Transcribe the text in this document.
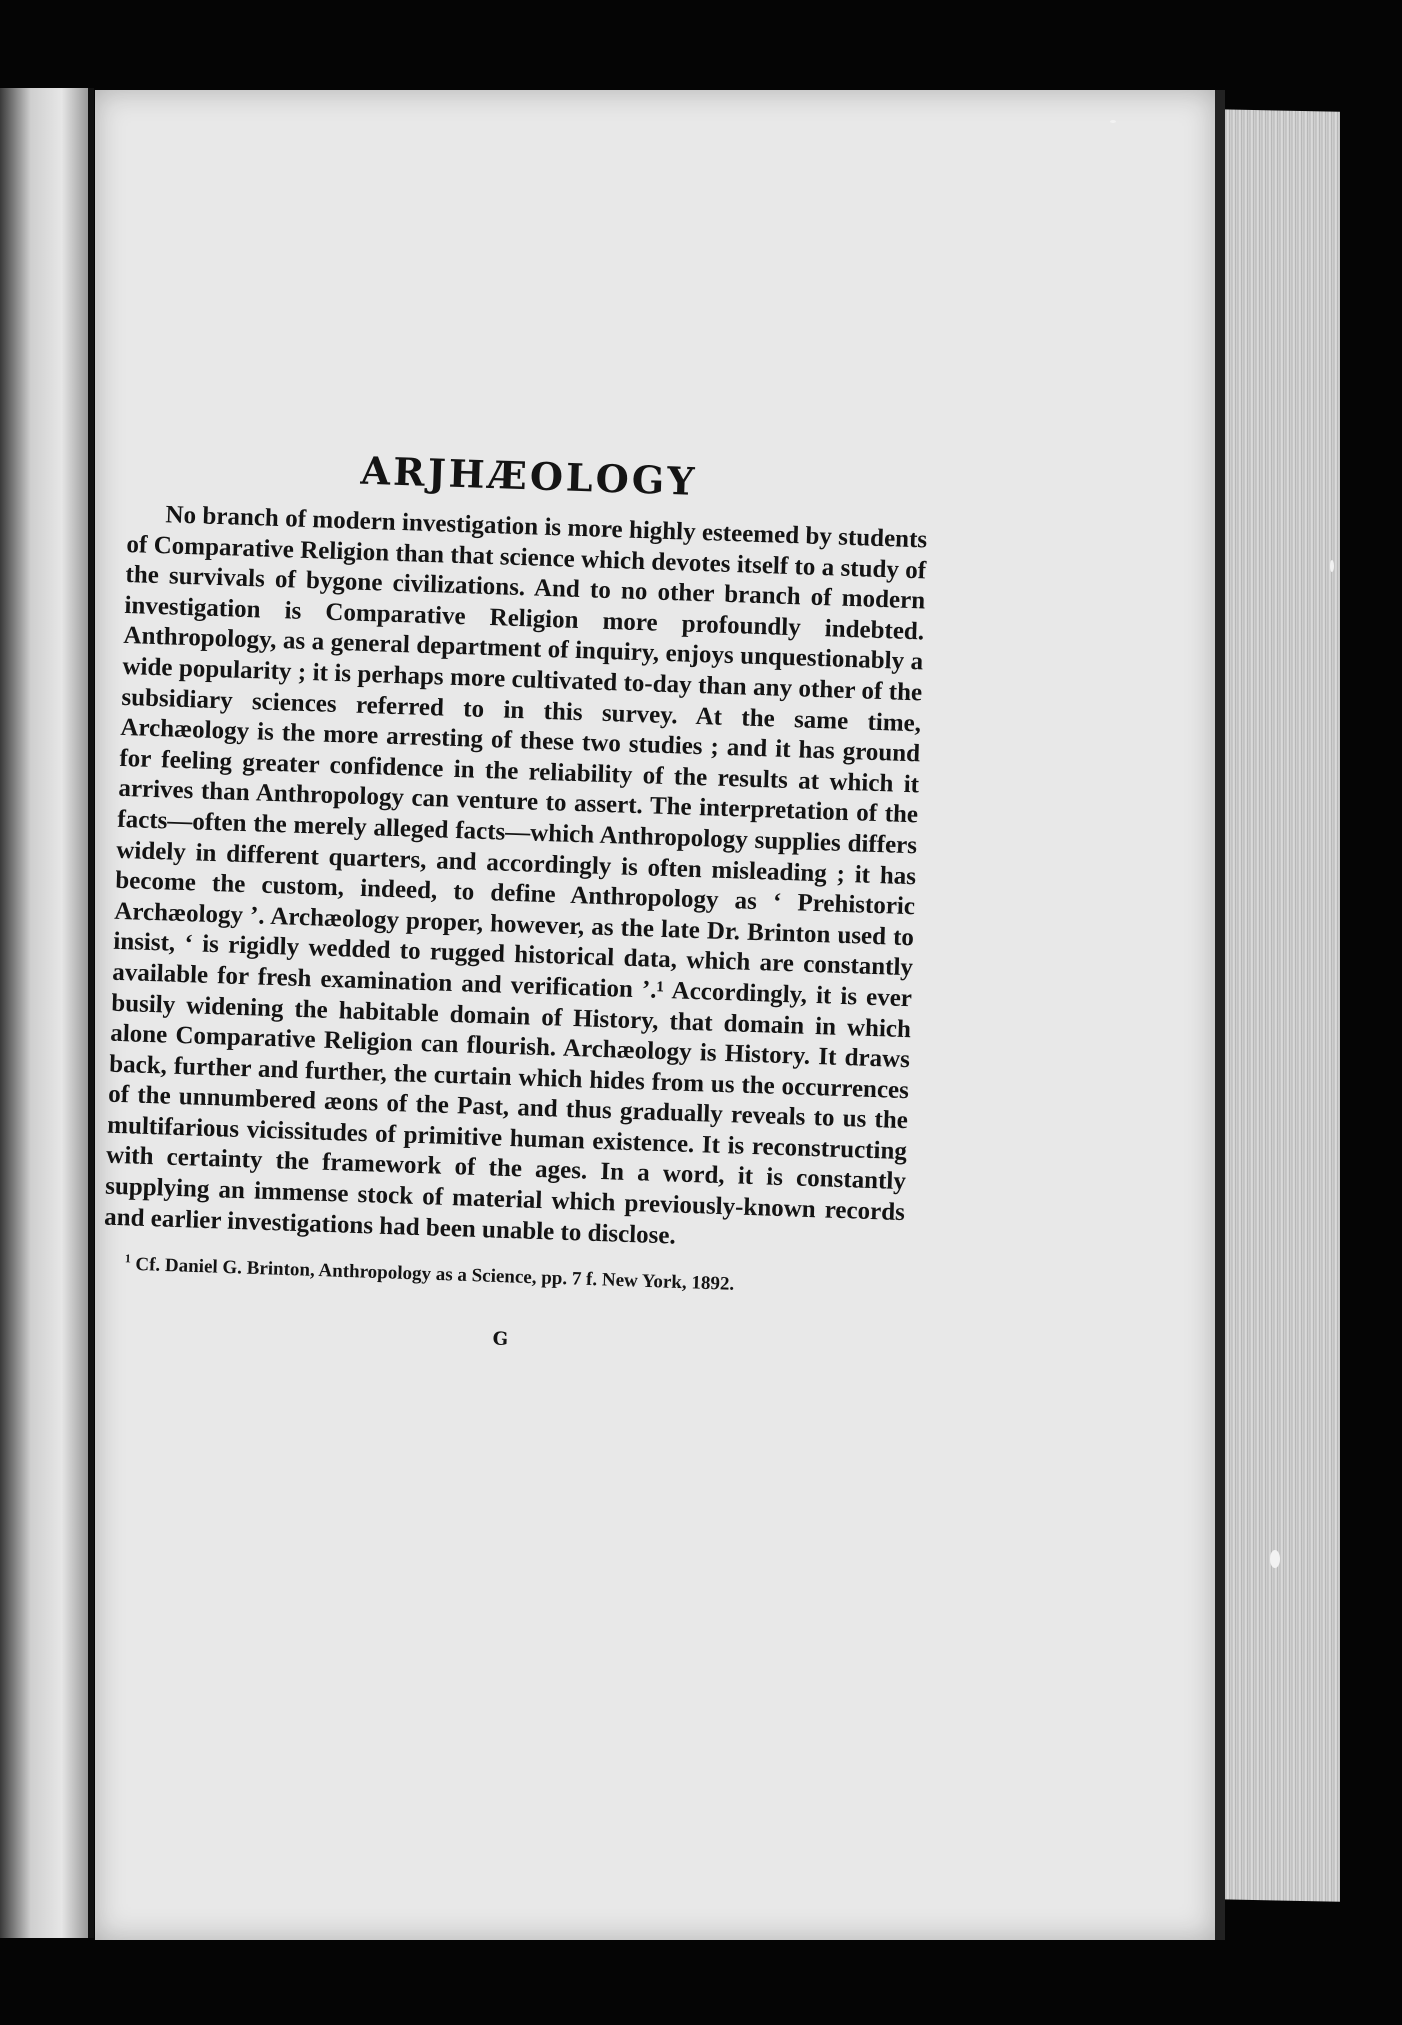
ARJHÆOLOGY

No branch of modern investigation is more highly esteemed by students of Comparative Religion than that science which devotes itself to a study of the survivals of bygone civilizations. And to no other branch of modern investigation is Comparative Religion more profoundly indebted. Anthropology, as a general department of inquiry, enjoys unquestionably a wide popularity ; it is perhaps more cultivated to-day than any other of the subsidiary sciences referred to in this survey. At the same time, Archæology is the more arresting of these two studies ; and it has ground for feeling greater confidence in the reliability of the results at which it arrives than Anthropology can venture to assert. The interpretation of the facts—often the merely alleged facts—which Anthropology supplies differs widely in different quarters, and accordingly is often misleading ; it has become the custom, indeed, to define Anthropology as ‘ Prehistoric Archæology ’. Archæology proper, however, as the late Dr. Brinton used to insist, ‘ is rigidly wedded to rugged historical data, which are constantly available for fresh examination and verification ’.¹ Accordingly, it is ever busily widening the habitable domain of History, that domain in which alone Comparative Religion can flourish. Archæology is History. It draws back, further and further, the curtain which hides from us the occurrences of the unnumbered æons of the Past, and thus gradually reveals to us the multifarious vicissitudes of primitive human existence. It is reconstructing with certainty the framework of the ages. In a word, it is constantly supplying an immense stock of material which previously-known records and earlier investigations had been unable to disclose.

$^1$ Cf. Daniel G. Brinton, Anthropology as a Science, pp. 7 f. New York, 1892.

G
